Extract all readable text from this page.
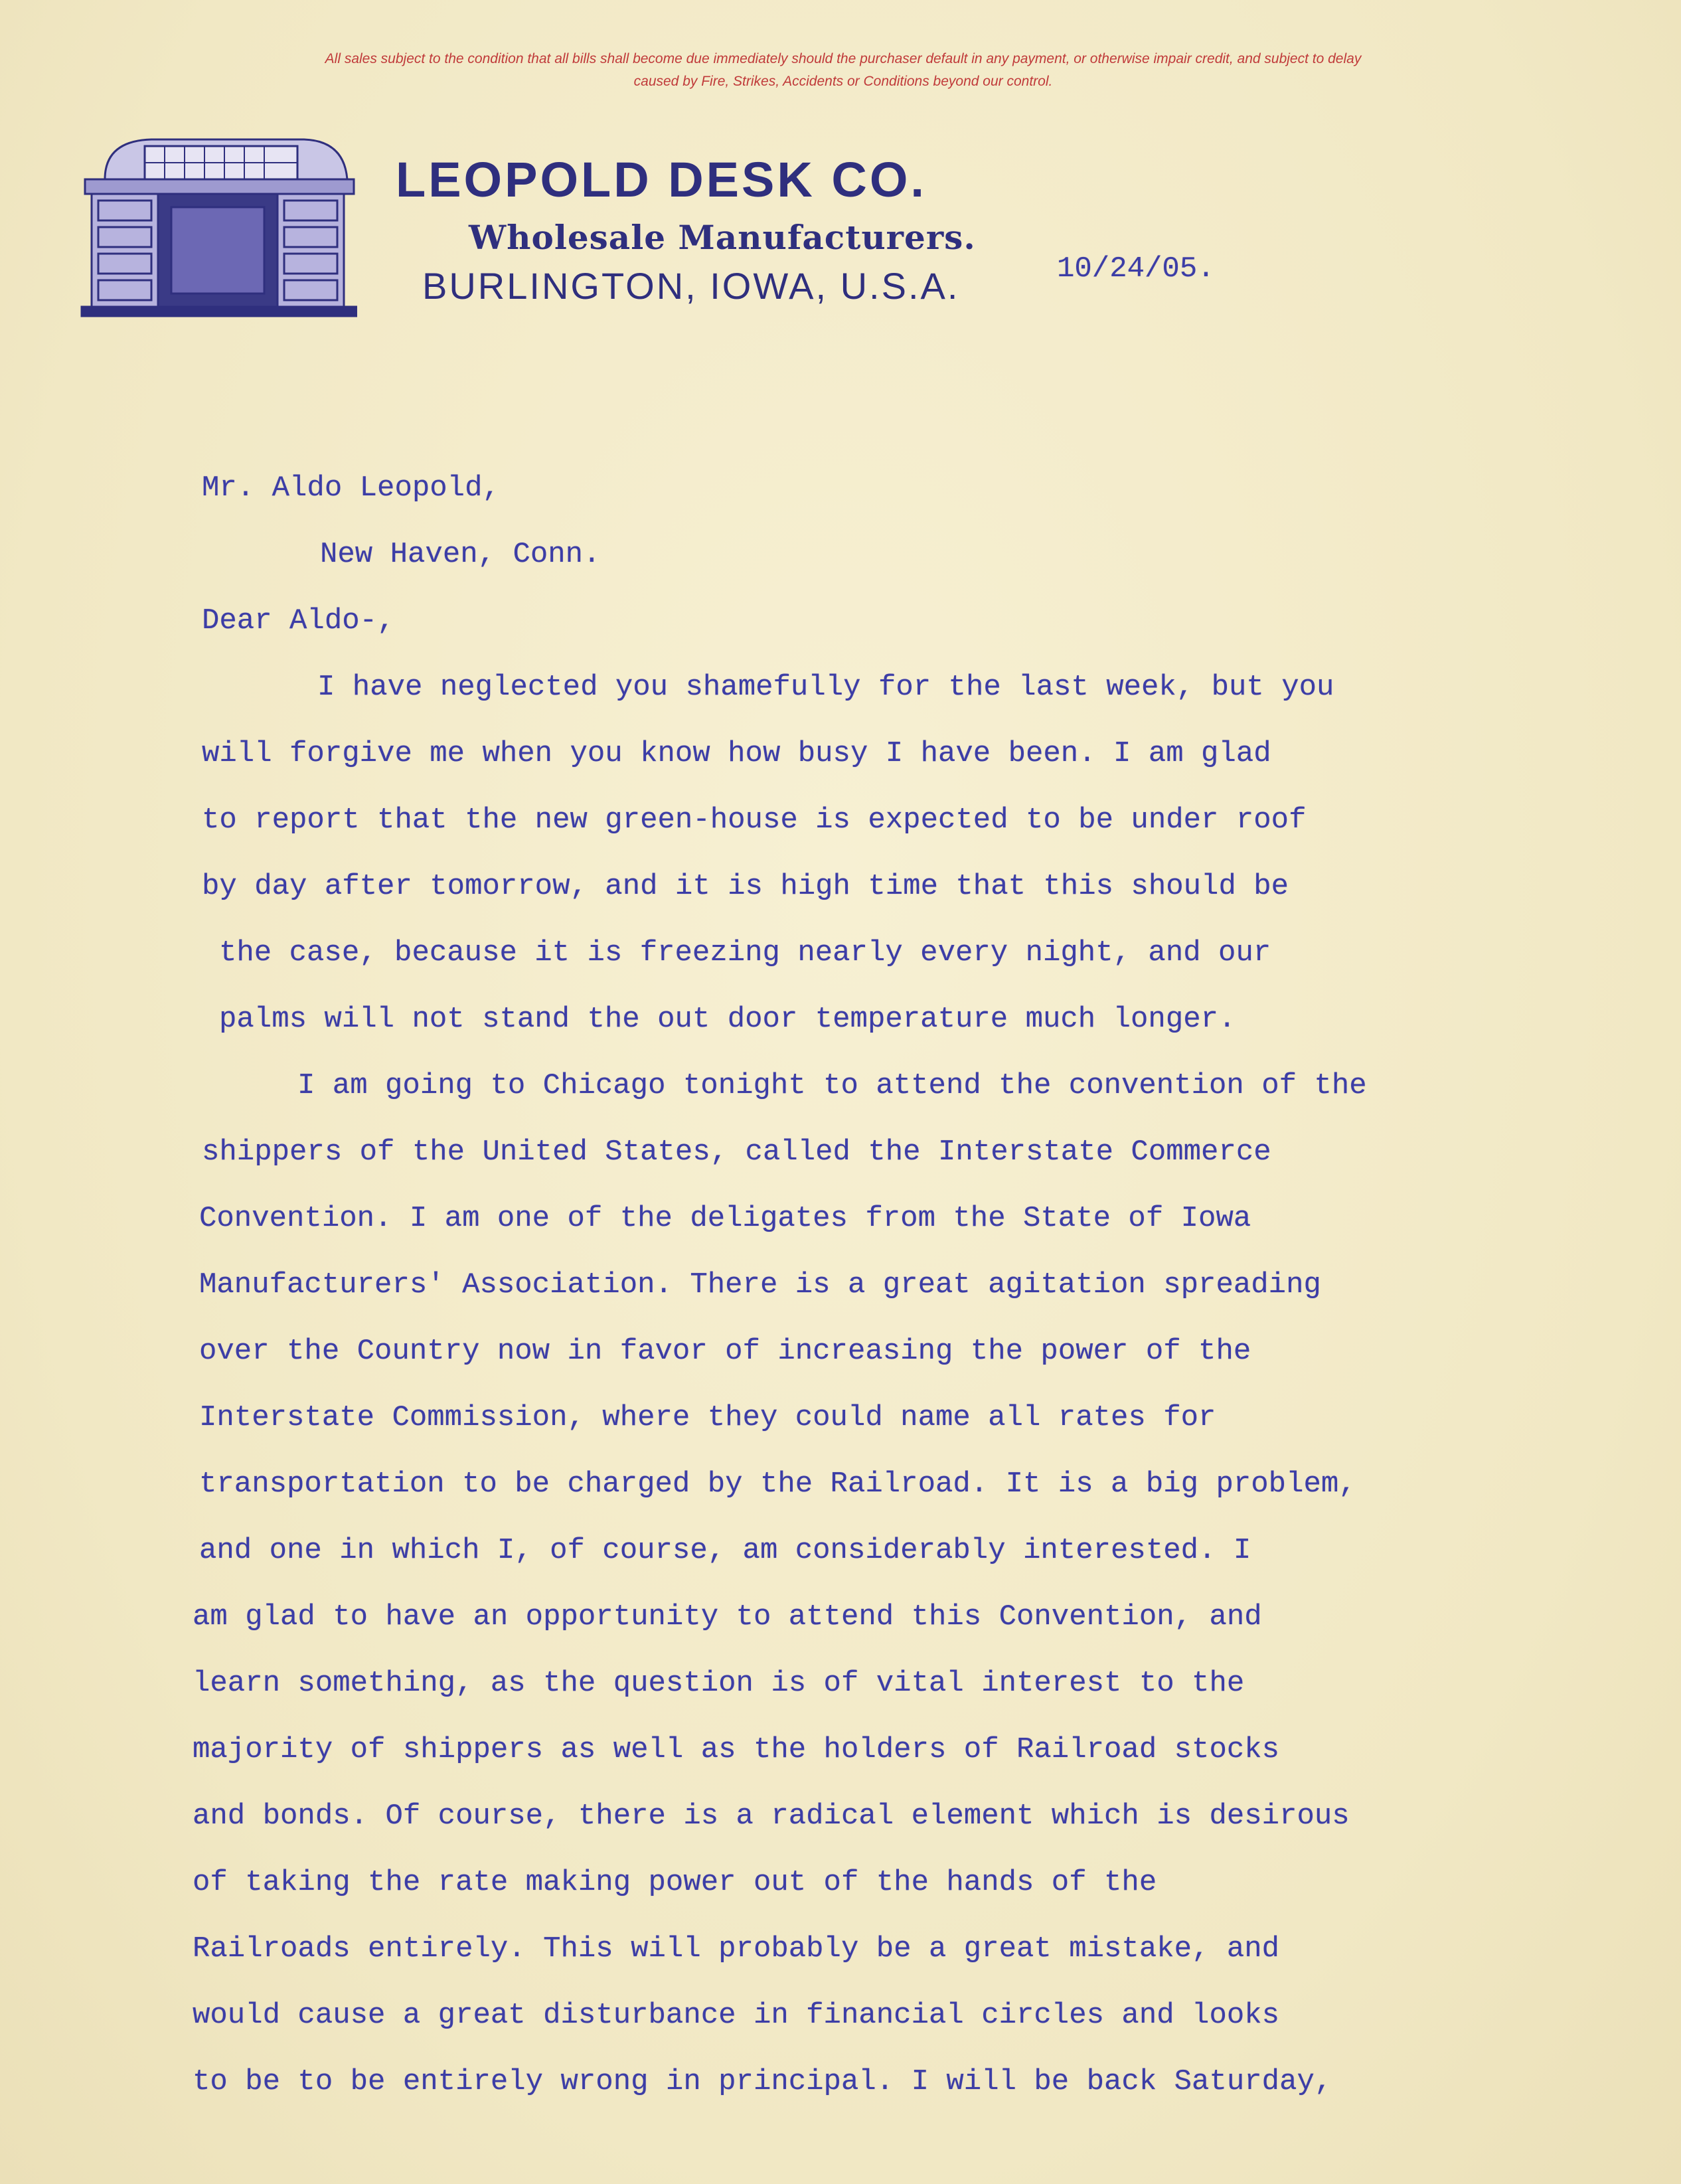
All sales subject to the condition that all bills shall become due immediately should the purchaser default in any payment, or otherwise impair credit, and subject to delay
caused by Fire, Strikes, Accidents or Conditions beyond our control.
LEOPOLD DESK CO.
Wholesale Manufacturers.
BURLINGTON, IOWA, U.S.A.	10/24/05.
Mr. Aldo Leopold,
New Haven, Conn.
Dear Aldo-,
I have neglected you shamefully for the last week, but you
will forgive me when you know how busy I have been. I am glad
to report that the new green-house is expected to be under roof
by day after tomorrow, and it is high time that this should be
the case, because it is freezing nearly every night, and our
palms will not stand the out door temperature much longer.
I am going to Chicago tonight to attend the convention of the
shippers of the United States, called the Interstate Commerce
Convention. I am one of the deligates from the State of Iowa
Manufacturers' Association. There is a great agitation spreading
over the Country now in favor of increasing the power of the
Interstate Commission, where they could name all rates for
transportation to be charged by the Railroad. It is a big problem,
and one in which I, of course, am considerably interested. I
am glad to have an opportunity to attend this Convention, and
learn something, as the question is of vital interest to the
majority of shippers as well as the holders of Railroad stocks
and bonds. Of course, there is a radical element which is desirous
of taking the rate making power out of the hands of the
Railroads entirely. This will probably be a great mistake, and
would cause a great disturbance in financial circles and looks
to be to be entirely wrong in principal. I will be back Saturday,
